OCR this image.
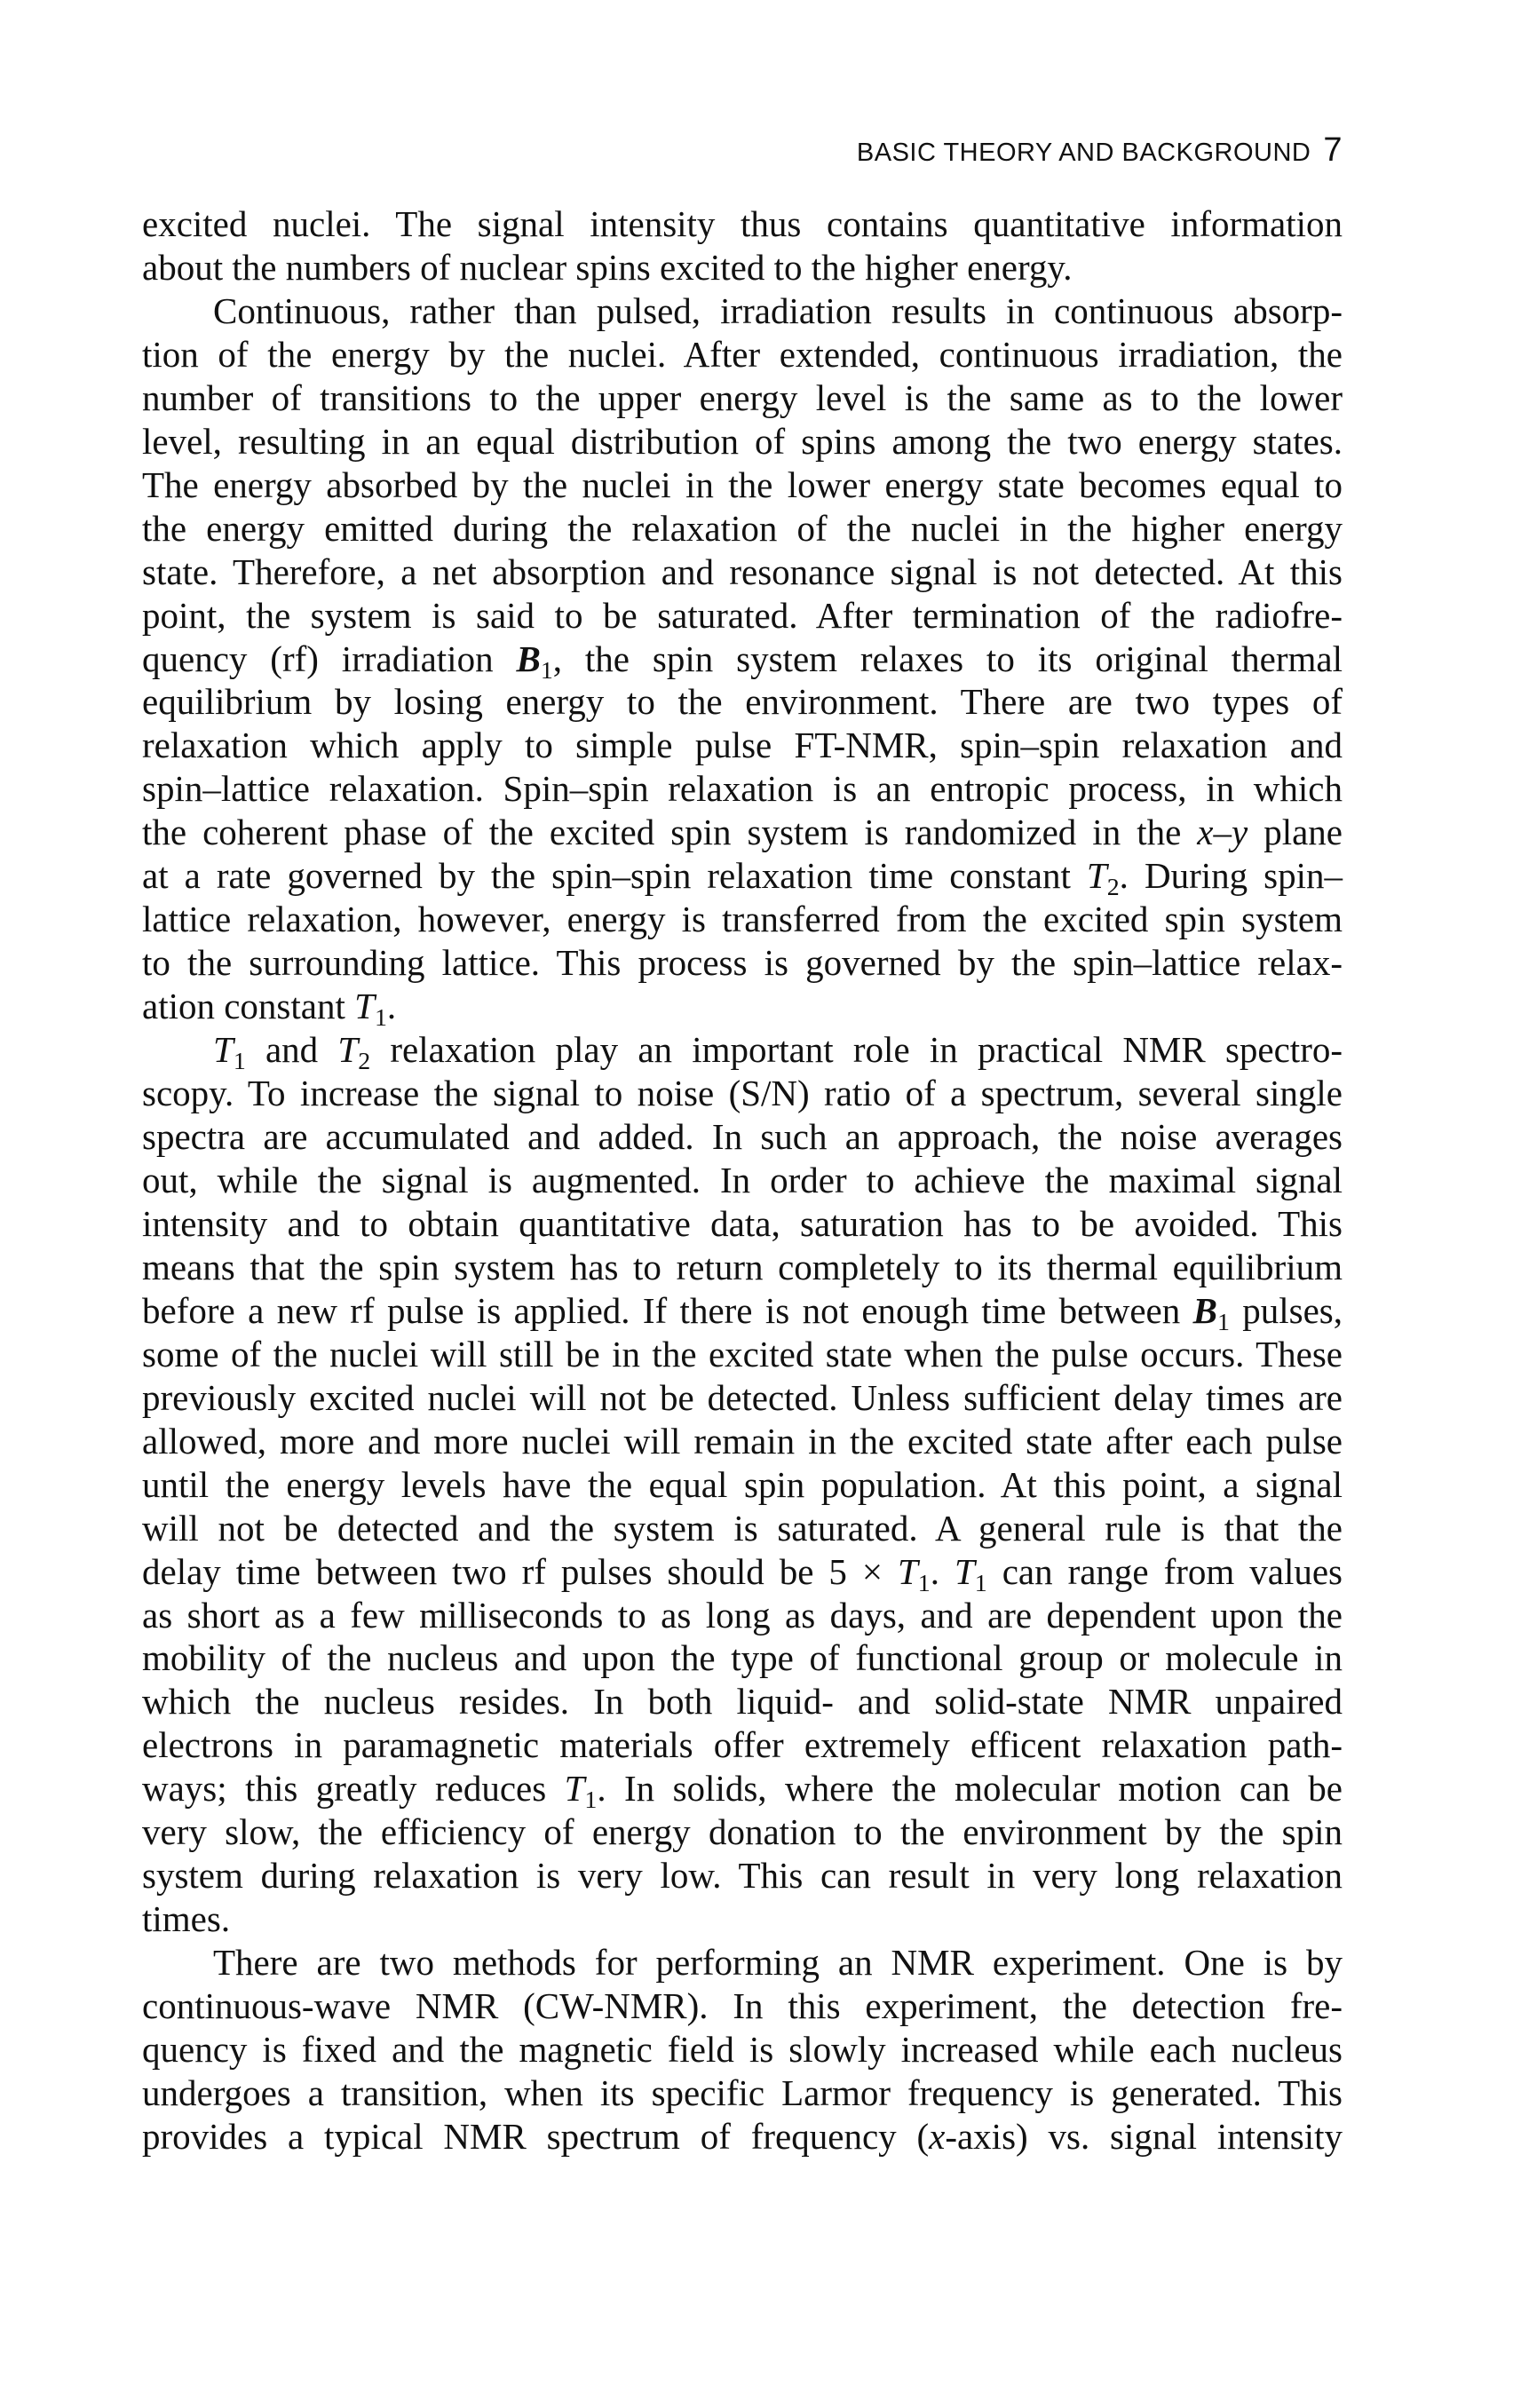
BASIC THEORY AND BACKGROUND 7
excited nuclei. The signal intensity thus contains quantitative information
about the numbers of nuclear spins excited to the higher energy.
Continuous, rather than pulsed, irradiation results in continuous absorp-
tion of the energy by the nuclei. After extended, continuous irradiation, the
number of transitions to the upper energy level is the same as to the lower
level, resulting in an equal distribution of spins among the two energy states.
The energy absorbed by the nuclei in the lower energy state becomes equal to
the energy emitted during the relaxation of the nuclei in the higher energy
state. Therefore, a net absorption and resonance signal is not detected. At this
point, the system is said to be saturated. After termination of the radiofre-
quency (rf) irradiation $B_1$, the spin system relaxes to its original thermal
equilibrium by losing energy to the environment. There are two types of
relaxation which apply to simple pulse FT-NMR, spin–spin relaxation and
spin–lattice relaxation. Spin–spin relaxation is an entropic process, in which
the coherent phase of the excited spin system is randomized in the x–y plane
at a rate governed by the spin–spin relaxation time constant $T_2$. During spin–
lattice relaxation, however, energy is transferred from the excited spin system
to the surrounding lattice. This process is governed by the spin–lattice relax-
ation constant $T_1$.
$T_1$ and $T_2$ relaxation play an important role in practical NMR spectro-
scopy. To increase the signal to noise (S/N) ratio of a spectrum, several single
spectra are accumulated and added. In such an approach, the noise averages
out, while the signal is augmented. In order to achieve the maximal signal
intensity and to obtain quantitative data, saturation has to be avoided. This
means that the spin system has to return completely to its thermal equilibrium
before a new rf pulse is applied. If there is not enough time between $B_1$ pulses,
some of the nuclei will still be in the excited state when the pulse occurs. These
previously excited nuclei will not be detected. Unless sufficient delay times are
allowed, more and more nuclei will remain in the excited state after each pulse
until the energy levels have the equal spin population. At this point, a signal
will not be detected and the system is saturated. A general rule is that the
delay time between two rf pulses should be $5 \times T_1$. $T_1$ can range from values
as short as a few milliseconds to as long as days, and are dependent upon the
mobility of the nucleus and upon the type of functional group or molecule in
which the nucleus resides. In both liquid- and solid-state NMR unpaired
electrons in paramagnetic materials offer extremely efficent relaxation path-
ways; this greatly reduces $T_1$. In solids, where the molecular motion can be
very slow, the efficiency of energy donation to the environment by the spin
system during relaxation is very low. This can result in very long relaxation
times.
There are two methods for performing an NMR experiment. One is by
continuous-wave NMR (CW-NMR). In this experiment, the detection fre-
quency is fixed and the magnetic field is slowly increased while each nucleus
undergoes a transition, when its specific Larmor frequency is generated. This
provides a typical NMR spectrum of frequency (x-axis) vs. signal intensity
